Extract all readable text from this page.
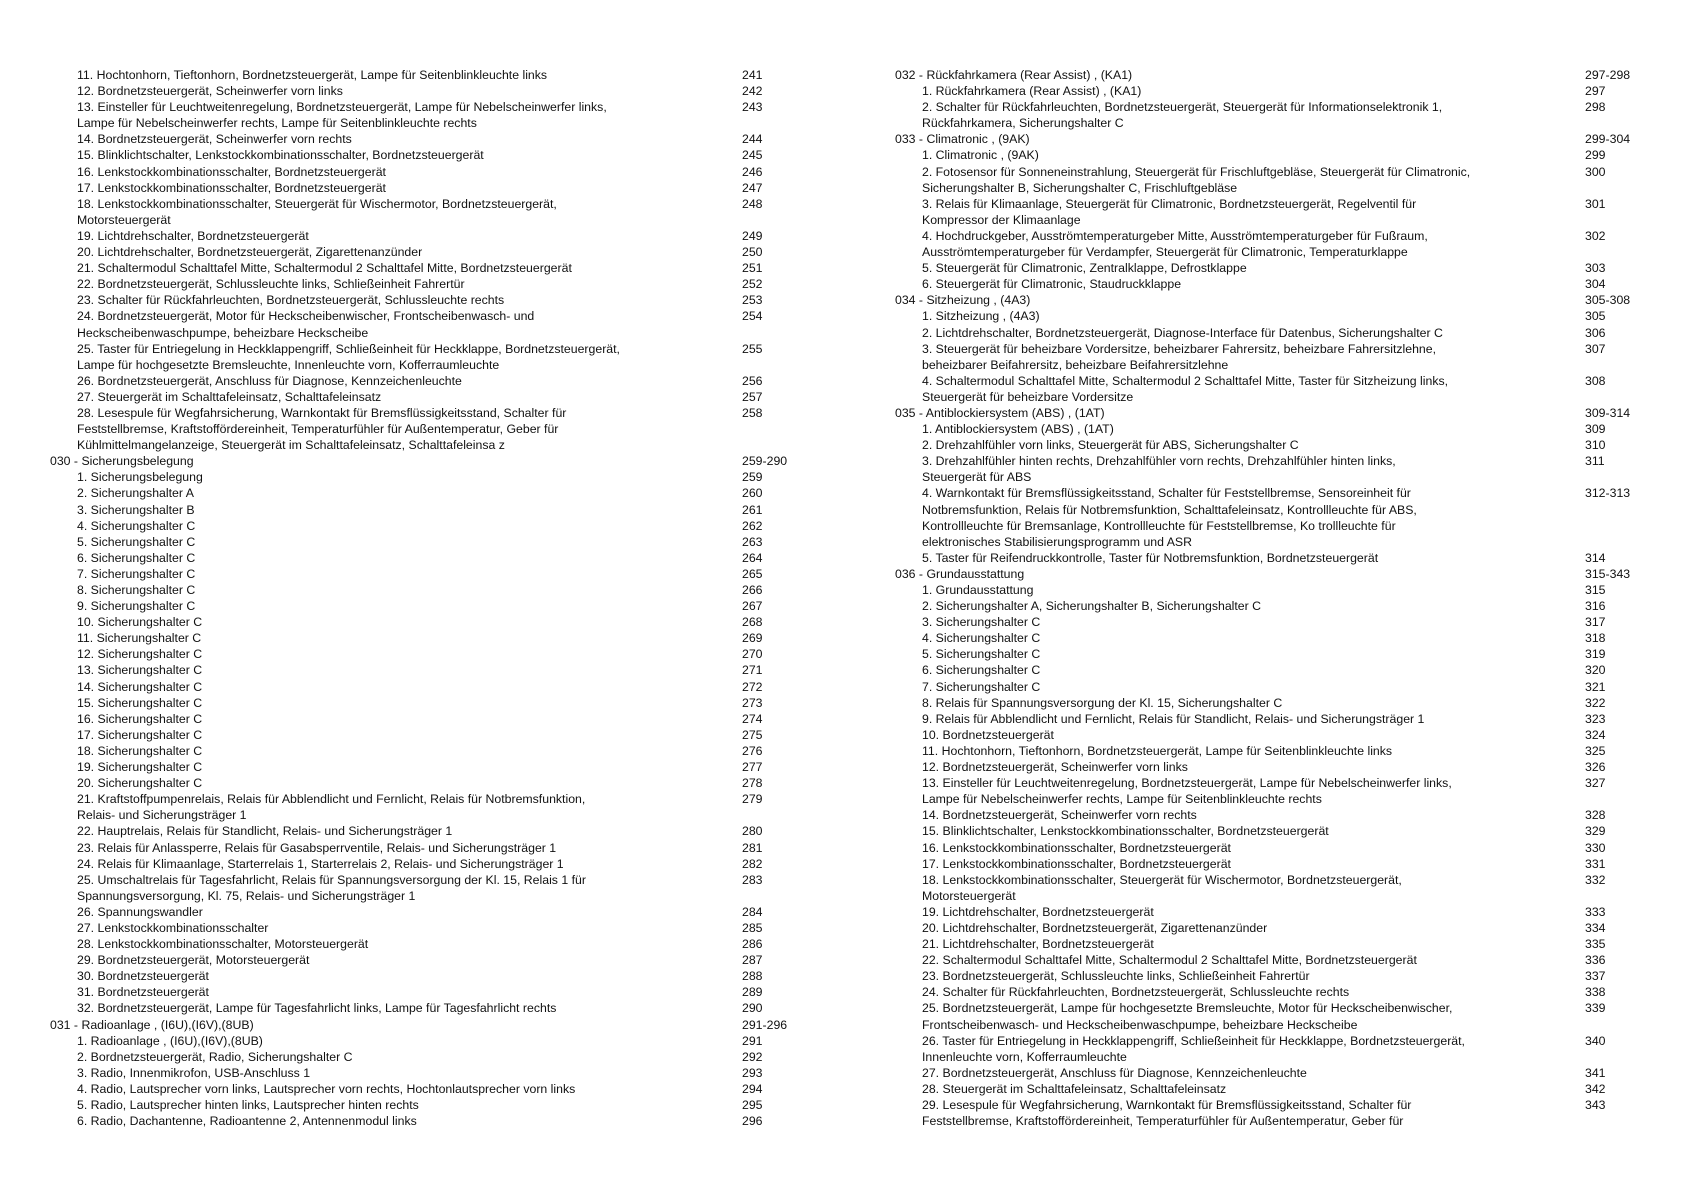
11. Hochtonhorn, Tieftonhorn, Bordnetzsteuergerät, Lampe für Seitenblinkleuchte links	241
12. Bordnetzsteuergerät, Scheinwerfer vorn links	242
13. Einsteller für Leuchtweitenregelung, Bordnetzsteuergerät, Lampe für Nebelscheinwerfer links,	243
Lampe für Nebelscheinwerfer rechts, Lampe für Seitenblinkleuchte rechts
14. Bordnetzsteuergerät, Scheinwerfer vorn rechts	244
15. Blinklichtschalter, Lenkstockkombinationsschalter, Bordnetzsteuergerät	245
16. Lenkstockkombinationsschalter, Bordnetzsteuergerät	246
17. Lenkstockkombinationsschalter, Bordnetzsteuergerät	247
18. Lenkstockkombinationsschalter, Steuergerät für Wischermotor, Bordnetzsteuergerät,	248
Motorsteuergerät
19. Lichtdrehschalter, Bordnetzsteuergerät	249
20. Lichtdrehschalter, Bordnetzsteuergerät, Zigarettenanzünder	250
21. Schaltermodul Schalttafel Mitte, Schaltermodul 2 Schalttafel Mitte, Bordnetzsteuergerät	251
22. Bordnetzsteuergerät, Schlussleuchte links, Schließeinheit Fahrertür	252
23. Schalter für Rückfahrleuchten, Bordnetzsteuergerät, Schlussleuchte rechts	253
24. Bordnetzsteuergerät, Motor für Heckscheibenwischer, Frontscheibenwasch- und	254
Heckscheibenwaschpumpe, beheizbare Heckscheibe
25. Taster für Entriegelung in Heckklappengriff, Schließeinheit für Heckklappe, Bordnetzsteuergerät,	255
Lampe für hochgesetzte Bremsleuchte, Innenleuchte vorn, Kofferraumleuchte
26. Bordnetzsteuergerät, Anschluss für Diagnose, Kennzeichenleuchte	256
27. Steuergerät im Schalttafeleinsatz, Schalttafeleinsatz	257
28. Lesespule für Wegfahrsicherung, Warnkontakt für Bremsflüssigkeitsstand, Schalter für	258
Feststellbremse, Kraftstoffördereinheit, Temperaturfühler für Außentemperatur, Geber für
Kühlmittelmangelanzeige, Steuergerät im Schalttafeleinsatz, Schalttafeleinsa z
030 - Sicherungsbelegung	259-290
1. Sicherungsbelegung	259
2. Sicherungshalter A	260
3. Sicherungshalter B	261
4. Sicherungshalter C	262
5. Sicherungshalter C	263
6. Sicherungshalter C	264
7. Sicherungshalter C	265
8. Sicherungshalter C	266
9. Sicherungshalter C	267
10. Sicherungshalter C	268
11. Sicherungshalter C	269
12. Sicherungshalter C	270
13. Sicherungshalter C	271
14. Sicherungshalter C	272
15. Sicherungshalter C	273
16. Sicherungshalter C	274
17. Sicherungshalter C	275
18. Sicherungshalter C	276
19. Sicherungshalter C	277
20. Sicherungshalter C	278
21. Kraftstoffpumpenrelais, Relais für Abblendlicht und Fernlicht, Relais für Notbremsfunktion,	279
Relais- und Sicherungsträger 1
22. Hauptrelais, Relais für Standlicht, Relais- und Sicherungsträger 1	280
23. Relais für Anlassperre, Relais für Gasabsperrventile, Relais- und Sicherungsträger 1	281
24. Relais für Klimaanlage, Starterrelais 1, Starterrelais 2, Relais- und Sicherungsträger 1	282
25. Umschaltrelais für Tagesfahrlicht, Relais für Spannungsversorgung der Kl. 15, Relais 1 für	283
Spannungsversorgung, Kl. 75, Relais- und Sicherungsträger 1
26. Spannungswandler	284
27. Lenkstockkombinationsschalter	285
28. Lenkstockkombinationsschalter, Motorsteuergerät	286
29. Bordnetzsteuergerät, Motorsteuergerät	287
30. Bordnetzsteuergerät	288
31. Bordnetzsteuergerät	289
32. Bordnetzsteuergerät, Lampe für Tagesfahrlicht links, Lampe für Tagesfahrlicht rechts	290
031 - Radioanlage , (I6U),(I6V),(8UB)	291-296
1. Radioanlage , (I6U),(I6V),(8UB)	291
2. Bordnetzsteuergerät, Radio, Sicherungshalter C	292
3. Radio, Innenmikrofon, USB-Anschluss 1	293
4. Radio, Lautsprecher vorn links, Lautsprecher vorn rechts, Hochtonlautsprecher vorn links	294
5. Radio, Lautsprecher hinten links, Lautsprecher hinten rechts	295
6. Radio, Dachantenne, Radioantenne 2, Antennenmodul links	296
032 - Rückfahrkamera (Rear Assist) , (KA1)	297-298
1. Rückfahrkamera (Rear Assist) , (KA1)	297
2. Schalter für Rückfahrleuchten, Bordnetzsteuergerät, Steuergerät für Informationselektronik 1,	298
Rückfahrkamera, Sicherungshalter C
033 - Climatronic , (9AK)	299-304
1. Climatronic , (9AK)	299
2. Fotosensor für Sonneneinstrahlung, Steuergerät für Frischluftgebläse, Steuergerät für Climatronic,	300
Sicherungshalter B, Sicherungshalter C, Frischluftgebläse
3. Relais für Klimaanlage, Steuergerät für Climatronic, Bordnetzsteuergerät, Regelventil für	301
Kompressor der Klimaanlage
4. Hochdruckgeber, Ausströmtemperaturgeber Mitte, Ausströmtemperaturgeber für Fußraum,	302
Ausströmtemperaturgeber für Verdampfer, Steuergerät für Climatronic, Temperaturklappe
5. Steuergerät für Climatronic, Zentralklappe, Defrostklappe	303
6. Steuergerät für Climatronic, Staudruckklappe	304
034 - Sitzheizung , (4A3)	305-308
1. Sitzheizung , (4A3)	305
2. Lichtdrehschalter, Bordnetzsteuergerät, Diagnose-Interface für Datenbus, Sicherungshalter C	306
3. Steuergerät für beheizbare Vordersitze, beheizbarer Fahrersitz, beheizbare Fahrersitzlehne,	307
beheizbarer Beifahrersitz, beheizbare Beifahrersitzlehne
4. Schaltermodul Schalttafel Mitte, Schaltermodul 2 Schalttafel Mitte, Taster für Sitzheizung links,	308
Steuergerät für beheizbare Vordersitze
035 - Antiblockiersystem (ABS) , (1AT)	309-314
1. Antiblockiersystem (ABS) , (1AT)	309
2. Drehzahlfühler vorn links, Steuergerät für ABS, Sicherungshalter C	310
3. Drehzahlfühler hinten rechts, Drehzahlfühler vorn rechts, Drehzahlfühler hinten links,	311
Steuergerät für ABS
4. Warnkontakt für Bremsflüssigkeitsstand, Schalter für Feststellbremse, Sensoreinheit für	312-313
Notbremsfunktion, Relais für Notbremsfunktion, Schalttafeleinsatz, Kontrollleuchte für ABS,
Kontrollleuchte für Bremsanlage, Kontrollleuchte für Feststellbremse, Ko trollleuchte für
elektronisches Stabilisierungsprogramm und ASR
5. Taster für Reifendruckkontrolle, Taster für Notbremsfunktion, Bordnetzsteuergerät	314
036 - Grundausstattung	315-343
1. Grundausstattung	315
2. Sicherungshalter A, Sicherungshalter B, Sicherungshalter C	316
3. Sicherungshalter C	317
4. Sicherungshalter C	318
5. Sicherungshalter C	319
6. Sicherungshalter C	320
7. Sicherungshalter C	321
8. Relais für Spannungsversorgung der Kl. 15, Sicherungshalter C	322
9. Relais für Abblendlicht und Fernlicht, Relais für Standlicht, Relais- und Sicherungsträger 1	323
10. Bordnetzsteuergerät	324
11. Hochtonhorn, Tieftonhorn, Bordnetzsteuergerät, Lampe für Seitenblinkleuchte links	325
12. Bordnetzsteuergerät, Scheinwerfer vorn links	326
13. Einsteller für Leuchtweitenregelung, Bordnetzsteuergerät, Lampe für Nebelscheinwerfer links,	327
Lampe für Nebelscheinwerfer rechts, Lampe für Seitenblinkleuchte rechts
14. Bordnetzsteuergerät, Scheinwerfer vorn rechts	328
15. Blinklichtschalter, Lenkstockkombinationsschalter, Bordnetzsteuergerät	329
16. Lenkstockkombinationsschalter, Bordnetzsteuergerät	330
17. Lenkstockkombinationsschalter, Bordnetzsteuergerät	331
18. Lenkstockkombinationsschalter, Steuergerät für Wischermotor, Bordnetzsteuergerät,	332
Motorsteuergerät
19. Lichtdrehschalter, Bordnetzsteuergerät	333
20. Lichtdrehschalter, Bordnetzsteuergerät, Zigarettenanzünder	334
21. Lichtdrehschalter, Bordnetzsteuergerät	335
22. Schaltermodul Schalttafel Mitte, Schaltermodul 2 Schalttafel Mitte, Bordnetzsteuergerät	336
23. Bordnetzsteuergerät, Schlussleuchte links, Schließeinheit Fahrertür	337
24. Schalter für Rückfahrleuchten, Bordnetzsteuergerät, Schlussleuchte rechts	338
25. Bordnetzsteuergerät, Lampe für hochgesetzte Bremsleuchte, Motor für Heckscheibenwischer,	339
Frontscheibenwasch- und Heckscheibenwaschpumpe, beheizbare Heckscheibe
26. Taster für Entriegelung in Heckklappengriff, Schließeinheit für Heckklappe, Bordnetzsteuergerät,	340
Innenleuchte vorn, Kofferraumleuchte
27. Bordnetzsteuergerät, Anschluss für Diagnose, Kennzeichenleuchte	341
28. Steuergerät im Schalttafeleinsatz, Schalttafeleinsatz	342
29. Lesespule für Wegfahrsicherung, Warnkontakt für Bremsflüssigkeitsstand, Schalter für	343
Feststellbremse, Kraftstoffördereinheit, Temperaturfühler für Außentemperatur, Geber für
